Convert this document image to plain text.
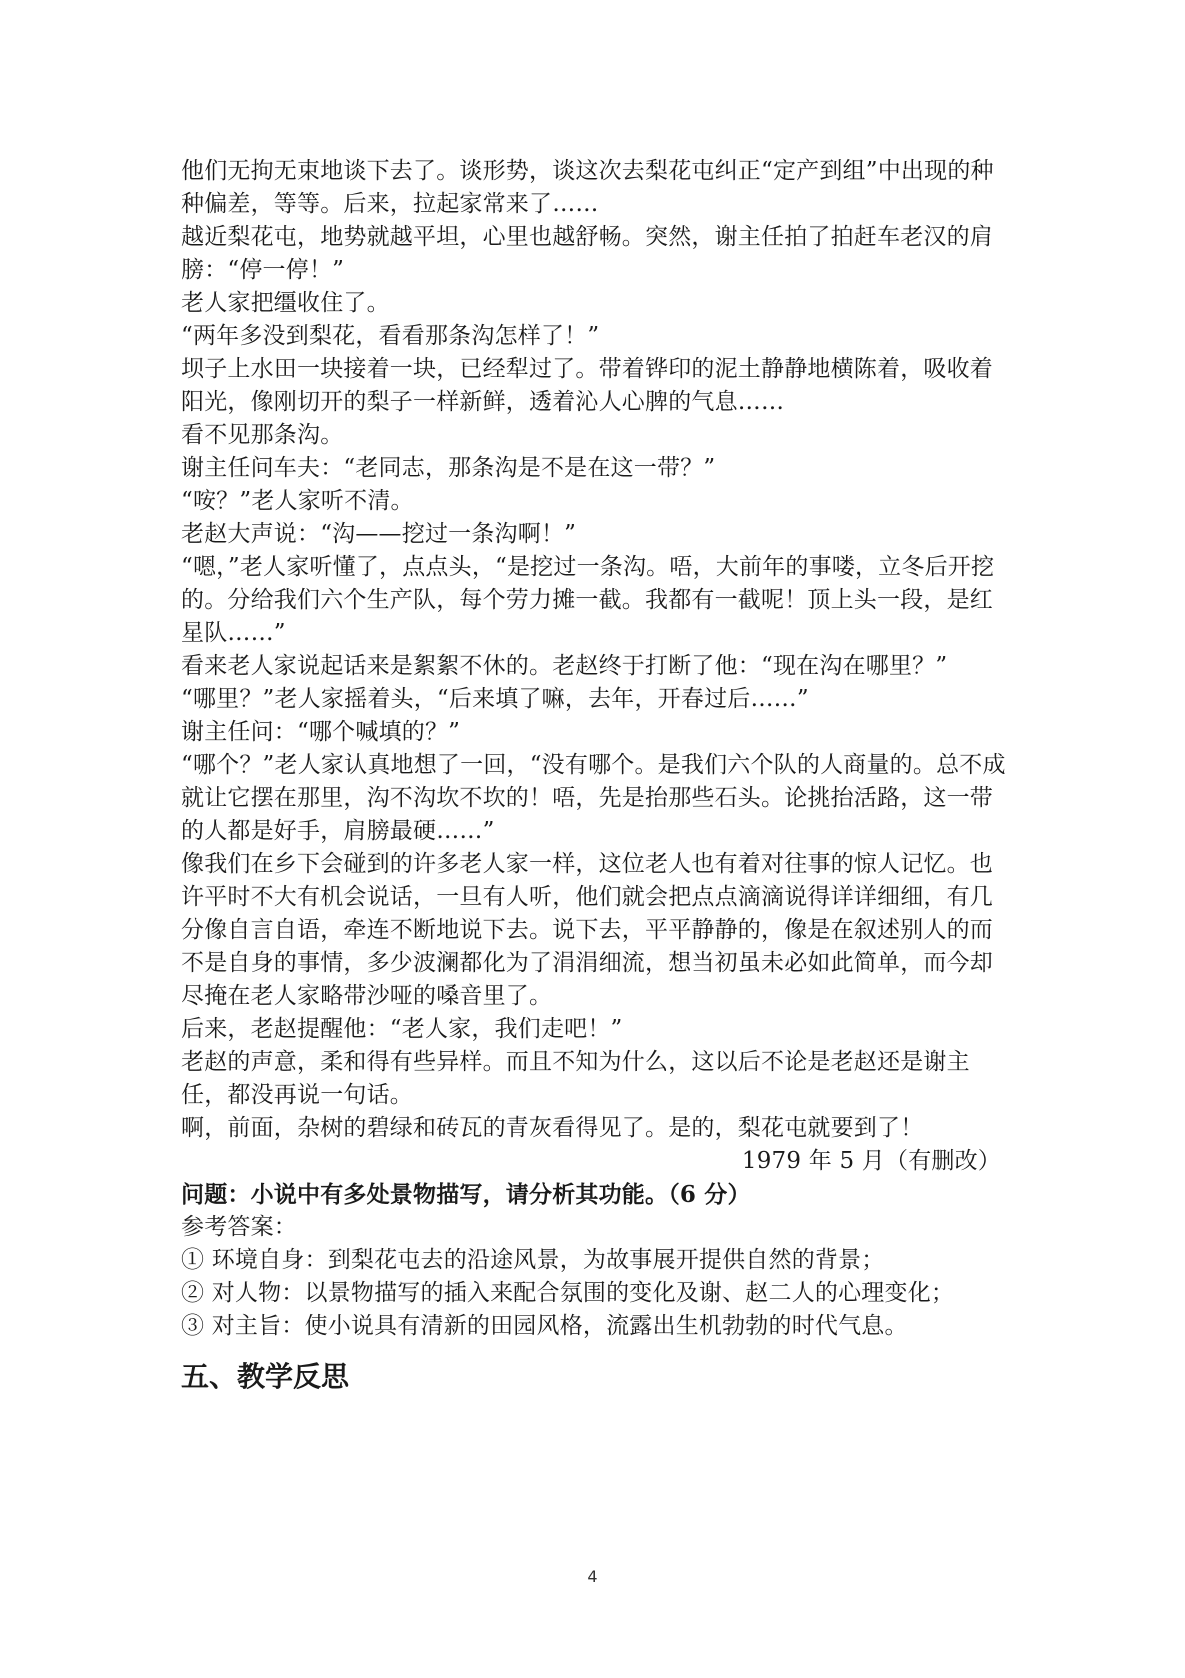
他们无拘无束地谈下去了。谈形势，谈这次去梨花屯纠正“定产到组”中出现的种种偏差，等等。后来，拉起家常来了……

越近梨花屯，地势就越平坦，心里也越舒畅。突然，谢主任拍了拍赶车老汉的肩膀：“停一停！”

老人家把缰收住了。

“两年多没到梨花，看看那条沟怎样了！”

坝子上水田一块接着一块，已经犁过了。带着铧印的泥土静静地横陈着，吸收着阳光，像刚切开的梨子一样新鲜，透着沁人心脾的气息……

看不见那条沟。

谢主任问车夫：“老同志，那条沟是不是在这一带？”

“咹？”老人家听不清。

老赵大声说：“沟——挖过一条沟啊！”

“嗯，”老人家听懂了，点点头，“是挖过一条沟。唔，大前年的事喽，立冬后开挖的。分给我们六个生产队，每个劳力摊一截。我都有一截呢！顶上头一段，是红星队……”

看来老人家说起话来是絮絮不休的。老赵终于打断了他：“现在沟在哪里？”

“哪里？”老人家摇着头，“后来填了嘛，去年，开春过后……”

谢主任问：“哪个喊填的？”

“哪个？”老人家认真地想了一回，“没有哪个。是我们六个队的人商量的。总不成就让它摆在那里，沟不沟坎不坎的！唔，先是抬那些石头。论挑抬活路，这一带的人都是好手，肩膀最硬……”

像我们在乡下会碰到的许多老人家一样，这位老人也有着对往事的惊人记忆。也许平时不大有机会说话，一旦有人听，他们就会把点点滴滴说得详详细细，有几分像自言自语，牵连不断地说下去。说下去，平平静静的，像是在叙述别人的而不是自身的事情，多少波澜都化为了涓涓细流，想当初虽未必如此简单，而今却尽掩在老人家略带沙哑的嗓音里了。

后来，老赵提醒他：“老人家，我们走吧！”

老赵的声意，柔和得有些异样。而且不知为什么，这以后不论是老赵还是谢主任，都没再说一句话。

啊，前面，杂树的碧绿和砖瓦的青灰看得见了。是的，梨花屯就要到了！

1979 年 5 月（有删改）

问题：小说中有多处景物描写，请分析其功能。（6 分）

参考答案：

① 环境自身：到梨花屯去的沿途风景，为故事展开提供自然的背景；

② 对人物：以景物描写的插入来配合氛围的变化及谢、赵二人的心理变化；

③ 对主旨：使小说具有清新的田园风格，流露出生机勃勃的时代气息。

五、教学反思
4
